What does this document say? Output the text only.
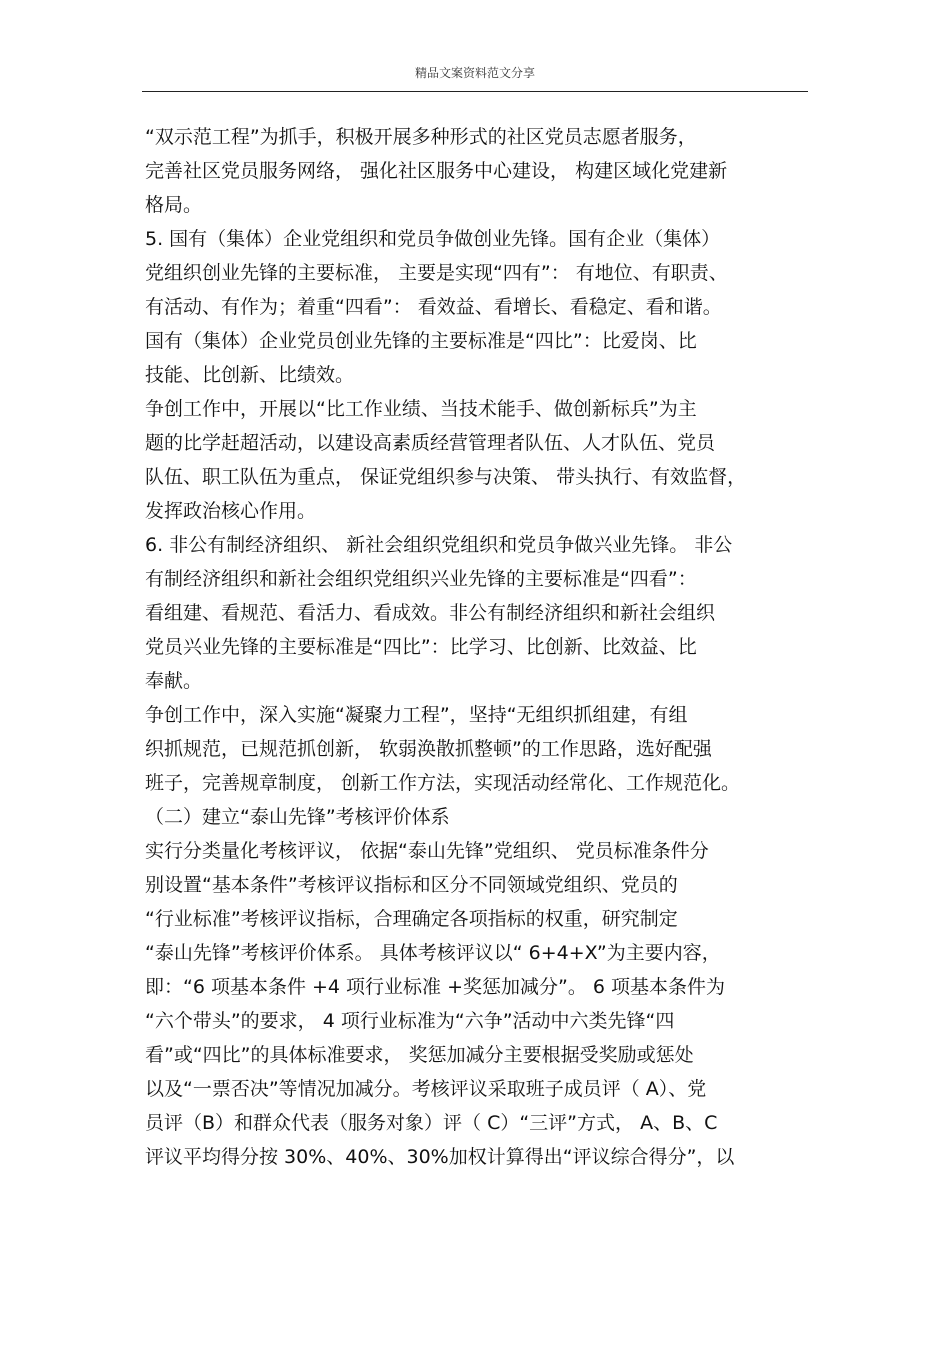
精品文案资料范文分享
“双示范工程”为抓手，积极开展多种形式的社区党员志愿者服务，
完善社区党员服务网络， 强化社区服务中心建设， 构建区域化党建新
格局。
5. 国有（集体）企业党组织和党员争做创业先锋。国有企业（集体）
党组织创业先锋的主要标准， 主要是实现“四有”： 有地位、有职责、
有活动、有作为；着重“四看”： 看效益、看增长、看稳定、看和谐。
国有（集体）企业党员创业先锋的主要标准是“四比”：比爱岗、比
技能、比创新、比绩效。
争创工作中，开展以“比工作业绩、当技术能手、做创新标兵”为主
题的比学赶超活动，以建设高素质经营管理者队伍、人才队伍、党员
队伍、职工队伍为重点， 保证党组织参与决策、 带头执行、有效监督，
发挥政治核心作用。
6. 非公有制经济组织、 新社会组织党组织和党员争做兴业先锋。 非公
有制经济组织和新社会组织党组织兴业先锋的主要标准是“四看”：
看组建、看规范、看活力、看成效。非公有制经济组织和新社会组织
党员兴业先锋的主要标准是“四比”：比学习、比创新、比效益、比
奉献。
争创工作中，深入实施“凝聚力工程”，坚持“无组织抓组建，有组
织抓规范，已规范抓创新， 软弱涣散抓整顿”的工作思路，选好配强
班子，完善规章制度， 创新工作方法，实现活动经常化、工作规范化。
（二）建立“泰山先锋”考核评价体系
实行分类量化考核评议， 依据“泰山先锋”党组织、 党员标准条件分
别设置“基本条件”考核评议指标和区分不同领域党组织、党员的
“行业标准”考核评议指标，合理确定各项指标的权重，研究制定
“泰山先锋”考核评价体系。 具体考核评议以“ 6+4+X”为主要内容，
即：“6 项基本条件 +4 项行业标准 +奖惩加减分”。 6 项基本条件为
“六个带头”的要求， 4 项行业标准为“六争”活动中六类先锋“四
看”或“四比”的具体标准要求， 奖惩加减分主要根据受奖励或惩处
以及“一票否决”等情况加减分。考核评议采取班子成员评（ A）、党
员评（B）和群众代表（服务对象）评（ C）“三评”方式， A、B、C
评议平均得分按 30%、40%、30%加权计算得出“评议综合得分”，以
